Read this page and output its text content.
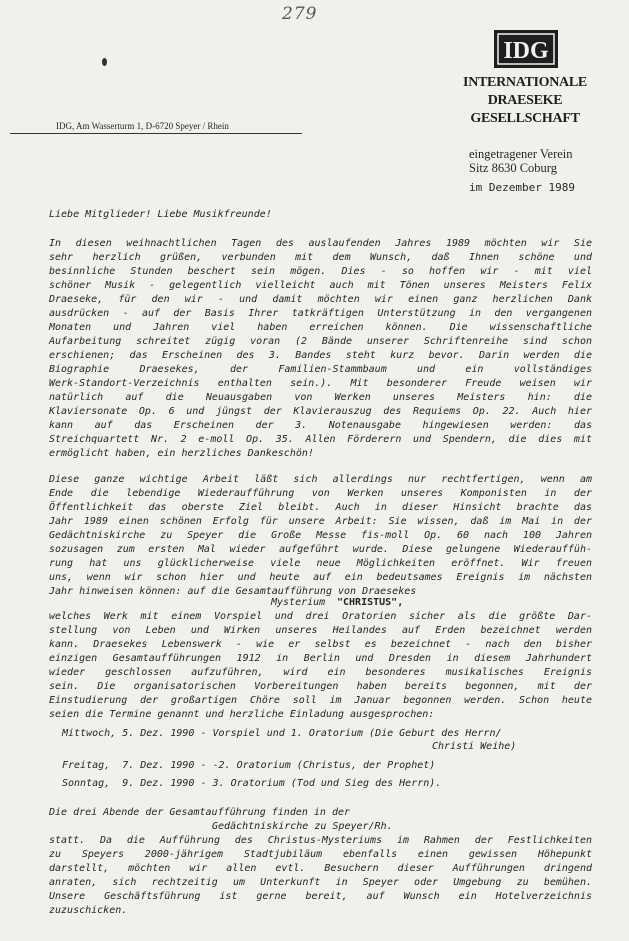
279
IDG
INTERNATIONALE
DRAESEKE
GESELLSCHAFT
IDG, Am Wasserturm 1, D-6720 Speyer / Rhein
eingetragener Verein
Sitz 8630 Coburg
im Dezember 1989
Liebe Mitglieder! Liebe Musikfreunde!
In diesen weihnachtlichen Tagen des auslaufenden Jahres 1989 möchten wir Sie
sehr herzlich grüßen, verbunden mit dem Wunsch, daß Ihnen schöne und
besinnliche Stunden beschert sein mögen. Dies - so hoffen wir - mit viel
schöner Musik - gelegentlich vielleicht auch mit Tönen unseres Meisters Felix
Draeseke, für den wir - und damit möchten wir einen ganz herzlichen Dank
ausdrücken - auf der Basis Ihrer tatkräftigen Unterstützung in den vergangenen
Monaten und Jahren viel haben erreichen können. Die wissenschaftliche
Aufarbeitung schreitet zügig voran (2 Bände unserer Schriftenreihe sind schon
erschienen; das Erscheinen des 3. Bandes steht kurz bevor. Darin werden die
Biographie Draesekes, der Familien-Stammbaum und ein vollständiges
Werk-Standort-Verzeichnis enthalten sein.). Mit besonderer Freude weisen wir
natürlich auf die Neuausgaben von Werken unseres Meisters hin: die
Klaviersonate Op. 6 und jüngst der Klavierauszug des Requiems Op. 22. Auch hier
kann auf das Erscheinen der 3. Notenausgabe hingewiesen werden: das
Streichquartett Nr. 2 e-moll Op. 35. Allen Förderern und Spendern, die dies mit
ermöglicht haben, ein herzliches Dankeschön!
Diese ganze wichtige Arbeit läßt sich allerdings nur rechtfertigen, wenn am
Ende die lebendige Wiederaufführung von Werken unseres Komponisten in der
Öffentlichkeit das oberste Ziel bleibt. Auch in dieser Hinsicht brachte das
Jahr 1989 einen schönen Erfolg für unsere Arbeit: Sie wissen, daß im Mai in der
Gedächtniskirche zu Speyer die Große Messe fis-moll Op. 60 nach 100 Jahren
sozusagen zum ersten Mal wieder aufgeführt wurde. Diese gelungene Wiederauffüh-
rung hat uns glücklicherweise viele neue Möglichkeiten eröffnet. Wir freuen
uns, wenn wir schon hier und heute auf ein bedeutsames Ereignis im nächsten
Jahr hinweisen können: auf die Gesamtaufführung von Draesekes
Mysterium "CHRISTUS",
welches Werk mit einem Vorspiel und drei Oratorien sicher als die größte Dar-
stellung von Leben und Wirken unseres Heilandes auf Erden bezeichnet werden
kann. Draesekes Lebenswerk - wie er selbst es bezeichnet - nach den bisher
einzigen Gesamtaufführungen 1912 in Berlin und Dresden in diesem Jahrhundert
wieder geschlossen aufzuführen, wird ein besonderes musikalisches Ereignis
sein. Die organisatorischen Vorbereitungen haben bereits begonnen, mit der
Einstudierung der großartigen Chöre soll im Januar begonnen werden. Schon heute
seien die Termine genannt und herzliche Einladung ausgesprochen:
Mittwoch, 5. Dez. 1990 - Vorspiel und 1. Oratorium (Die Geburt des Herrn/
Christi Weihe)
Freitag,  7. Dez. 1990 - -2. Oratorium (Christus, der Prophet)
Sonntag,  9. Dez. 1990 - 3. Oratorium (Tod und Sieg des Herrn).
Die drei Abende der Gesamtaufführung finden in der
Gedächtniskirche zu Speyer/Rh.
statt. Da die Aufführung des Christus-Mysteriums im Rahmen der Festlichkeiten
zu Speyers 2000-jährigem Stadtjubiläum ebenfalls einen gewissen Höhepunkt
darstellt, möchten wir allen evtl. Besuchern dieser Aufführungen dringend
anraten, sich rechtzeitig um Unterkunft in Speyer oder Umgebung zu bemühen.
Unsere Geschäftsführung ist gerne bereit, auf Wunsch ein Hotelverzeichnis
zuzuschicken.
